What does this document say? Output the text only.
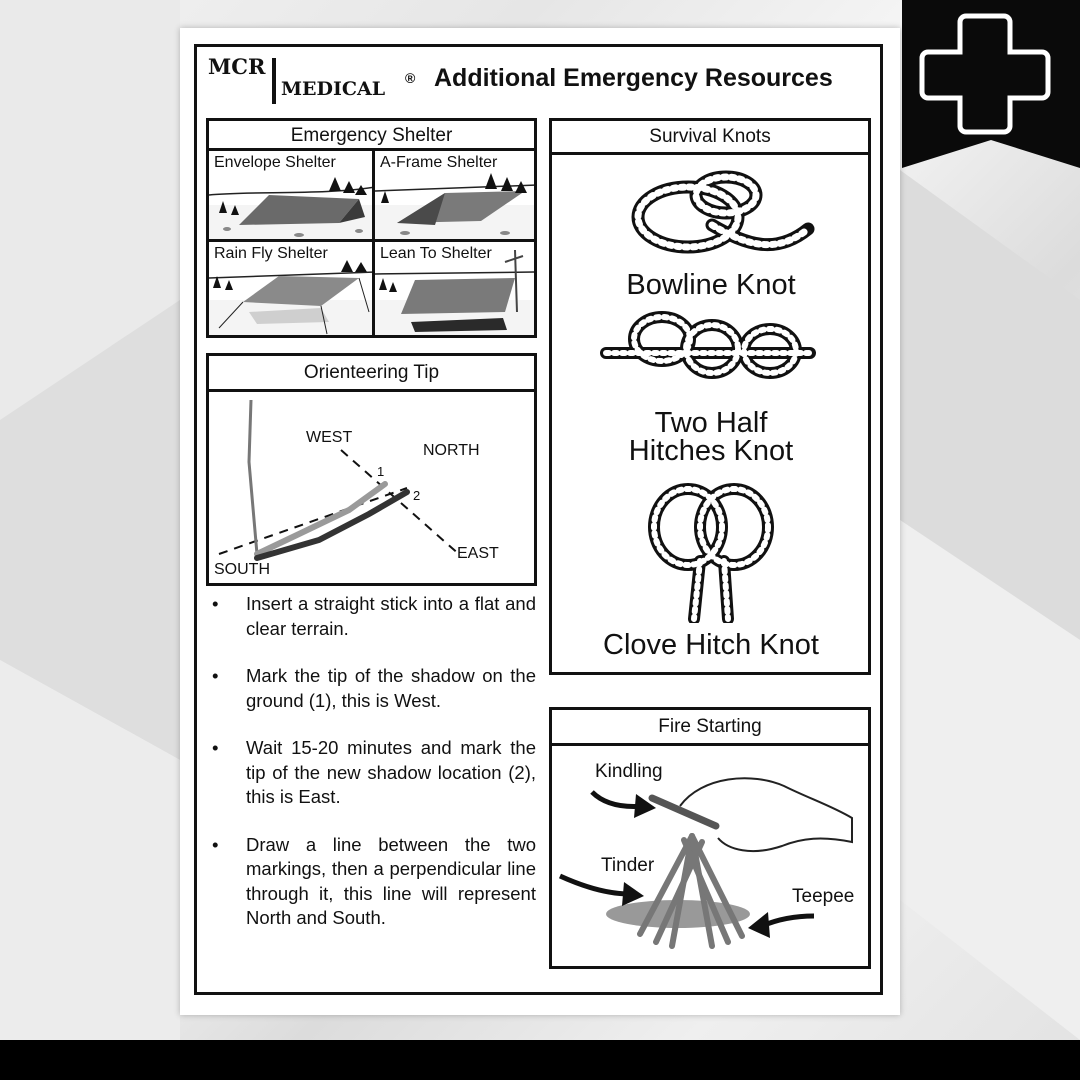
MCR
MEDICAL ® Additional Emergency Resources
Emergency Shelter
Envelope Shelter	A-Frame Shelter
Rain Fly Shelter	Lean To Shelter
Orienteering Tip
WEST
NORTH
EAST
SOUTH
1
2
• Insert a straight stick into a flat and clear terrain.
• Mark the tip of the shadow on the ground (1), this is West.
• Wait 15-20 minutes and mark the tip of the new shadow location (2), this is East.
• Draw a line between the two markings, then a perpendicular line through it, this line will represent North and South.
Survival Knots
Bowline Knot
Two Half
Hitches Knot
Clove Hitch Knot
Fire Starting
Kindling
Tinder
Teepee
